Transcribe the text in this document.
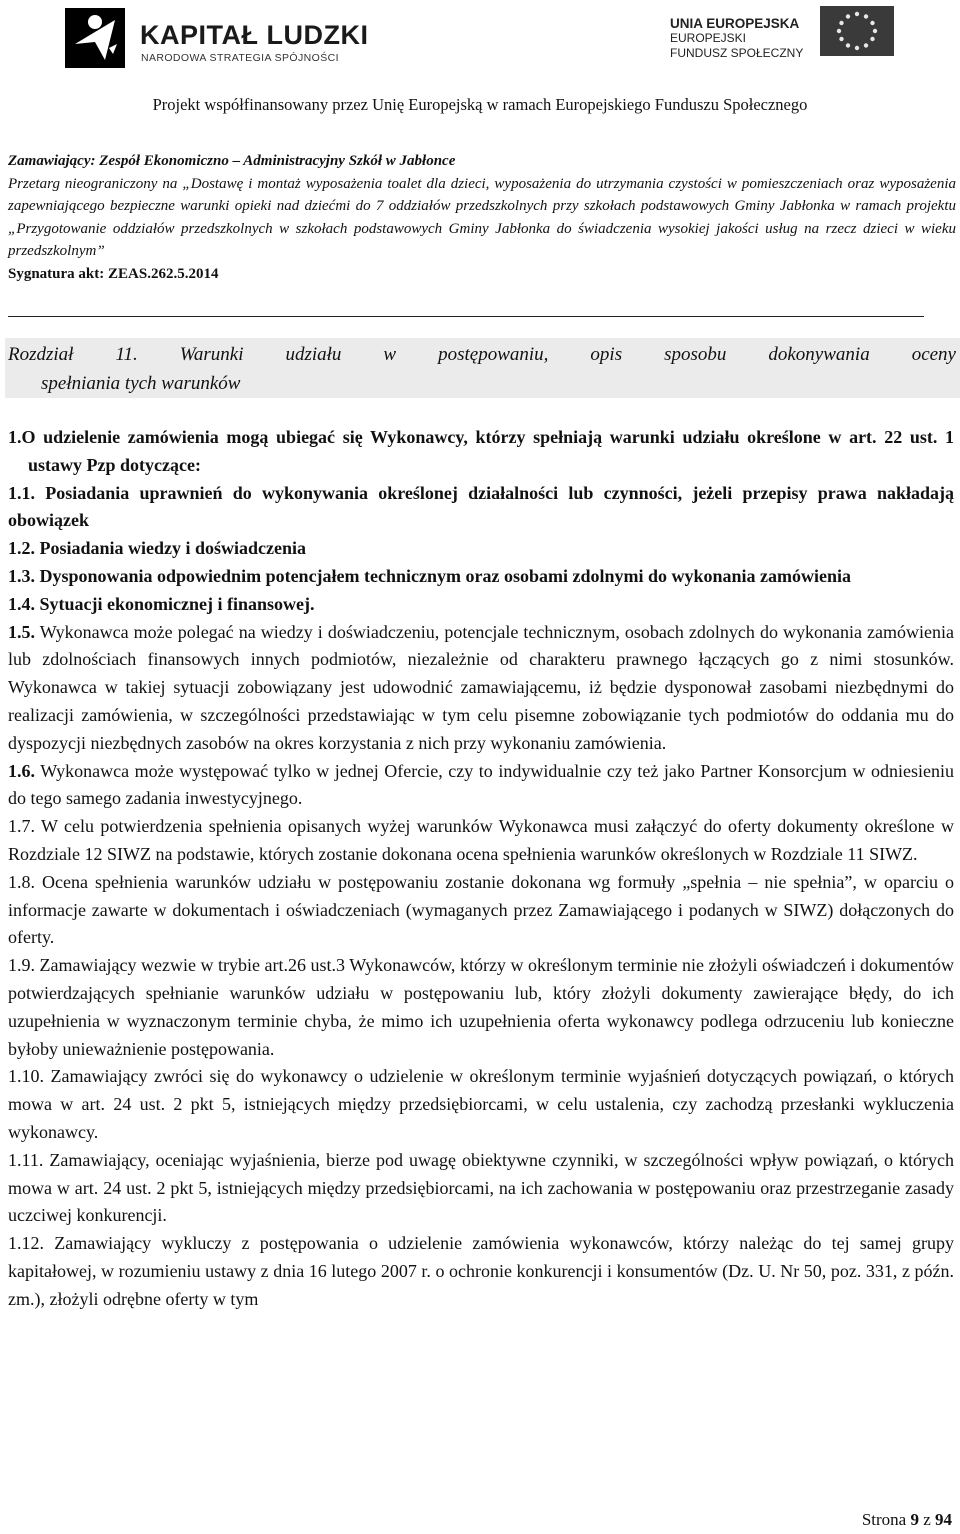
KAPITAŁ LUDZKI
NARODOWA STRATEGIA SPÓJNOŚCI
UNIA EUROPEJSKA
EUROPEJSKI
FUNDUSZ SPOŁECZNY
Projekt współfinansowany przez Unię Europejską w ramach Europejskiego Funduszu Społecznego
Zamawiający: Zespół Ekonomiczno – Administracyjny Szkół w Jabłonce
Przetarg nieograniczony na „Dostawę i montaż wyposażenia toalet dla dzieci, wyposażenia do utrzymania czystości w pomieszczeniach oraz wyposażenia zapewniającego bezpieczne warunki opieki nad dziećmi do 7 oddziałów przedszkolnych przy szkołach podstawowych Gminy Jabłonka w ramach projektu „Przygotowanie oddziałów przedszkolnych w szkołach podstawowych Gminy Jabłonka do świadczenia wysokiej jakości usług na rzecz dzieci w wieku przedszkolnym”
Sygnatura akt: ZEAS.262.5.2014
Rozdział 11. Warunki udziału w postępowaniu, opis sposobu dokonywania oceny
spełniania tych warunków

1.O udzielenie zamówienia mogą ubiegać się Wykonawcy, którzy spełniają warunki udziału określone w art. 22 ust. 1 ustawy Pzp dotyczące:

1.1. Posiadania uprawnień do wykonywania określonej działalności lub czynności, jeżeli przepisy prawa nakładają obowiązek

1.2. Posiadania wiedzy i doświadczenia

1.3. Dysponowania odpowiednim potencjałem technicznym oraz osobami zdolnymi do wykonania zamówienia

1.4. Sytuacji ekonomicznej i finansowej.

1.5. Wykonawca może polegać na wiedzy i doświadczeniu, potencjale technicznym, osobach zdolnych do wykonania zamówienia lub zdolnościach finansowych innych podmiotów, niezależnie od charakteru prawnego łączących go z nimi stosunków. Wykonawca w takiej sytuacji zobowiązany jest udowodnić zamawiającemu, iż będzie dysponował zasobami niezbędnymi do realizacji zamówienia, w szczególności przedstawiając w tym celu pisemne zobowiązanie tych podmiotów do oddania mu do dyspozycji niezbędnych zasobów na okres korzystania z nich przy wykonaniu zamówienia.

1.6. Wykonawca może występować tylko w jednej Ofercie, czy to indywidualnie czy też jako Partner Konsorcjum w odniesieniu do tego samego zadania inwestycyjnego.

1.7. W celu potwierdzenia spełnienia opisanych wyżej warunków Wykonawca musi załączyć do oferty dokumenty określone w Rozdziale 12 SIWZ na podstawie, których zostanie dokonana ocena spełnienia warunków określonych w Rozdziale 11 SIWZ.

1.8. Ocena spełnienia warunków udziału w postępowaniu zostanie dokonana wg formuły „spełnia – nie spełnia”, w oparciu o informacje zawarte w dokumentach i oświadczeniach (wymaganych przez Zamawiającego i podanych w SIWZ) dołączonych do oferty.

1.9. Zamawiający wezwie w trybie art.26 ust.3 Wykonawców, którzy w określonym terminie nie złożyli oświadczeń i dokumentów potwierdzających spełnianie warunków udziału w postępowaniu lub, który złożyli dokumenty zawierające błędy, do ich uzupełnienia w wyznaczonym terminie chyba, że mimo ich uzupełnienia oferta wykonawcy podlega odrzuceniu lub konieczne byłoby unieważnienie postępowania.

1.10. Zamawiający zwróci się do wykonawcy o udzielenie w określonym terminie wyjaśnień dotyczących powiązań, o których mowa w art. 24 ust. 2 pkt 5, istniejących między przedsiębiorcami, w celu ustalenia, czy zachodzą przesłanki wykluczenia wykonawcy.

1.11. Zamawiający, oceniając wyjaśnienia, bierze pod uwagę obiektywne czynniki, w szczególności wpływ powiązań, o których mowa w art. 24 ust. 2 pkt 5, istniejących między przedsiębiorcami, na ich zachowania w postępowaniu oraz przestrzeganie zasady uczciwej konkurencji.

1.12. Zamawiający wykluczy z postępowania o udzielenie zamówienia wykonawców, którzy należąc do tej samej grupy kapitałowej, w rozumieniu ustawy z dnia 16 lutego 2007 r. o ochronie konkurencji i konsumentów (Dz. U. Nr 50, poz. 331, z późn. zm.), złożyli odrębne oferty w tym

Strona 9 z 94
